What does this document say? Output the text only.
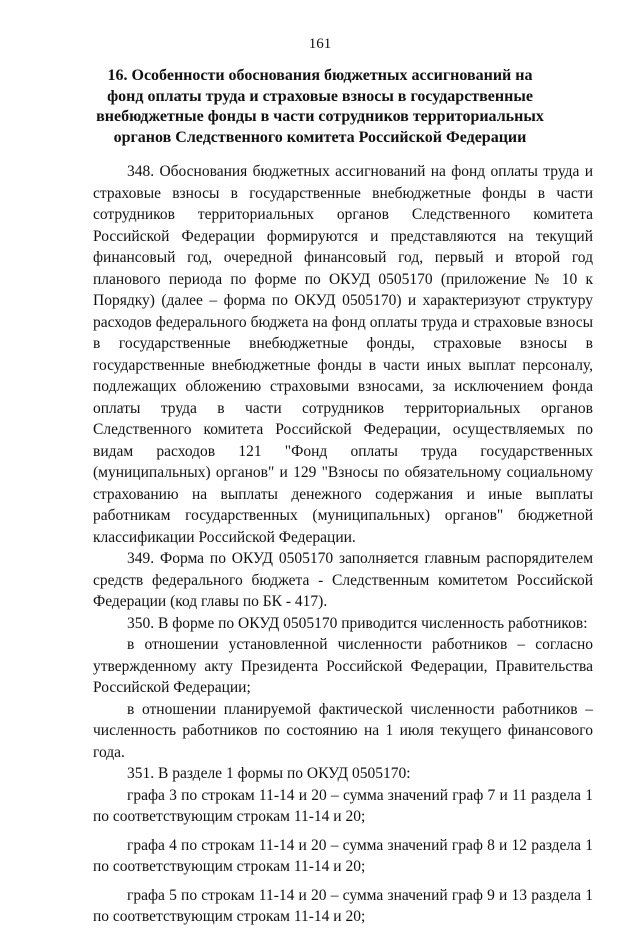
161
16. Особенности обоснования бюджетных ассигнований на фонд оплаты труда и страховые взносы в государственные внебюджетные фонды в части сотрудников территориальных органов Следственного комитета Российской Федерации

348. Обоснования бюджетных ассигнований на фонд оплаты труда и страховые взносы в государственные внебюджетные фонды в части сотрудников территориальных органов Следственного комитета Российской Федерации формируются и представляются на текущий финансовый год, очередной финансовый год, первый и второй год планового периода по форме по ОКУД 0505170 (приложение № 10 к Порядку) (далее – форма по ОКУД 0505170) и характеризуют структуру расходов федерального бюджета на фонд оплаты труда и страховые взносы в государственные внебюджетные фонды, страховые взносы в государственные внебюджетные фонды в части иных выплат персоналу, подлежащих обложению страховыми взносами, за исключением фонда оплаты труда в части сотрудников территориальных органов Следственного комитета Российской Федерации, осуществляемых по видам расходов 121 "Фонд оплаты труда государственных (муниципальных) органов" и 129 "Взносы по обязательному социальному страхованию на выплаты денежного содержания и иные выплаты работникам государственных (муниципальных) органов" бюджетной классификации Российской Федерации.

349. Форма по ОКУД 0505170 заполняется главным распорядителем средств федерального бюджета - Следственным комитетом Российской Федерации (код главы по БК - 417).

350. В форме по ОКУД 0505170 приводится численность работников:

в отношении установленной численности работников – согласно утвержденному акту Президента Российской Федерации, Правительства Российской Федерации;

в отношении планируемой фактической численности работников – численность работников по состоянию на 1 июля текущего финансового года.

351. В разделе 1 формы по ОКУД 0505170:

графа 3 по строкам 11-14 и 20 – сумма значений граф 7 и 11 раздела 1 по соответствующим строкам 11-14 и 20;

графа 4 по строкам 11-14 и 20 – сумма значений граф 8 и 12 раздела 1 по соответствующим строкам 11-14 и 20;

графа 5 по строкам 11-14 и 20 – сумма значений граф 9 и 13 раздела 1 по соответствующим строкам 11-14 и 20;
